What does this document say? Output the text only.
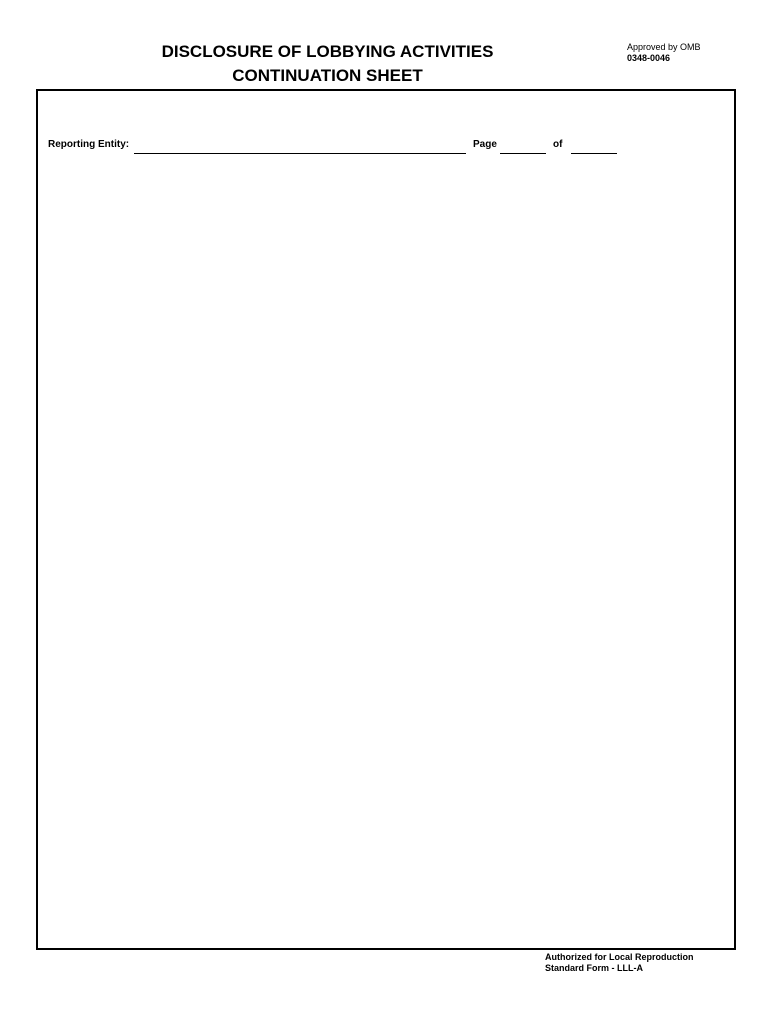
DISCLOSURE OF LOBBYING ACTIVITIES
CONTINUATION SHEET
Approved by OMB
0348-0046
Reporting Entity:	Page	of
Authorized for Local Reproduction
Standard Form - LLL-A
